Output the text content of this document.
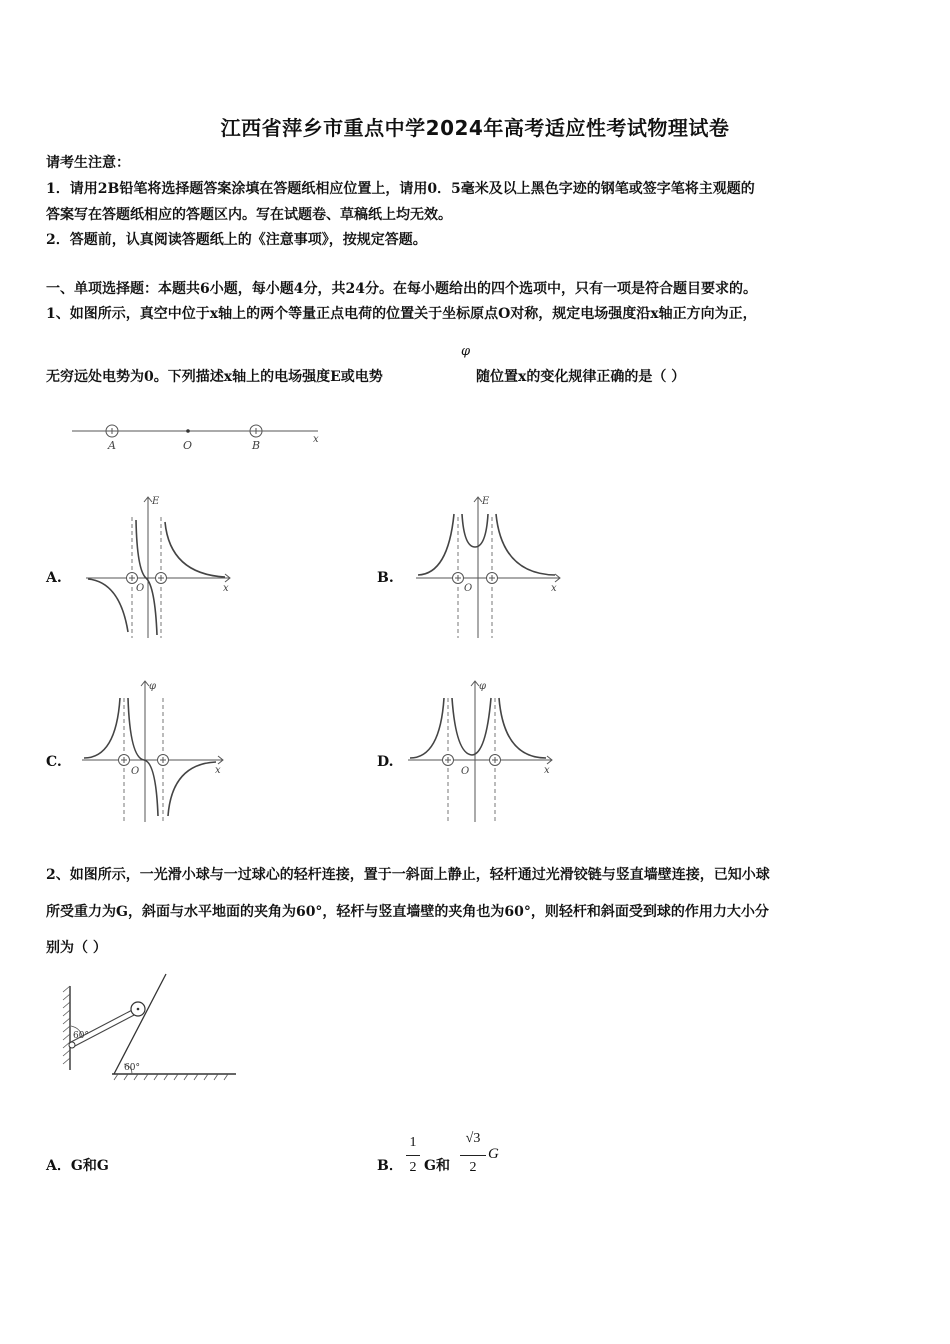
江西省萍乡市重点中学2024年高考适应性考试物理试卷
请考生注意：
1．请用2B铅笔将选择题答案涂填在答题纸相应位置上，请用0．5毫米及以上黑色字迹的钢笔或签字笔将主观题的
答案写在答题纸相应的答题区内。写在试题卷、草稿纸上均无效。
2．答题前，认真阅读答题纸上的《注意事项》，按规定答题。
一、单项选择题：本题共6小题，每小题4分，共24分。在每小题给出的四个选项中，只有一项是符合题目要求的。
1、如图所示，真空中位于x轴上的两个等量正点电荷的位置关于坐标原点O对称，规定电场强度沿x轴正方向为正，
无穷远处电势为0。下列描述x轴上的电场强度E或电势
φ
随位置x的变化规律正确的是（ ）
A	O	B	x
A.
E
O	x
B.
E
O	x
C.
φ
O	x
D.
φ
O	x
2、如图所示，一光滑小球与一过球心的轻杆连接，置于一斜面上静止，轻杆通过光滑铰链与竖直墙壁连接，已知小球
所受重力为G，斜面与水平地面的夹角为60°，轻杆与竖直墙壁的夹角也为60°，则轻杆和斜面受到球的作用力大小分
别为（ ）
60°
60°
A．G和G	B．
1
2 G和
√3
2
G
